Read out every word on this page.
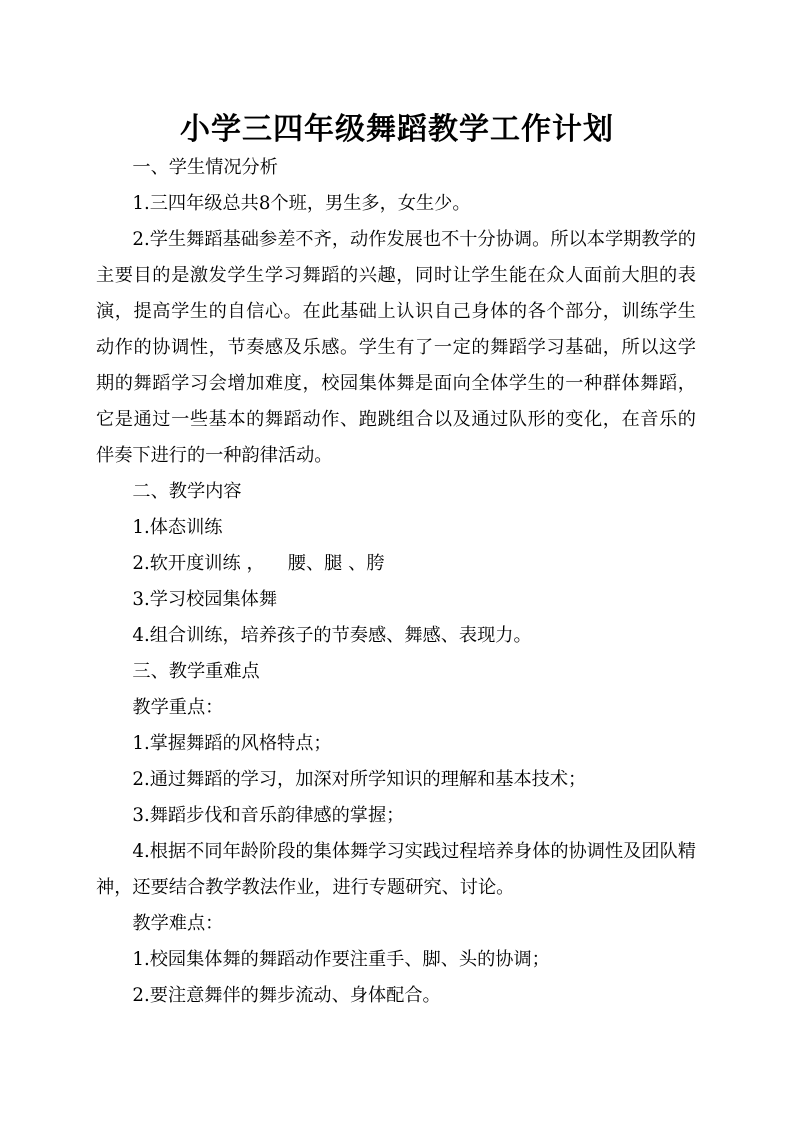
小学三四年级舞蹈教学工作计划

一、学生情况分析

1.三四年级总共8个班，男生多，女生少。

2.学生舞蹈基础参差不齐，动作发展也不十分协调。所以本学期教学的主要目的是激发学生学习舞蹈的兴趣，同时让学生能在众人面前大胆的表演，提高学生的自信心。在此基础上认识自己身体的各个部分，训练学生动作的协调性，节奏感及乐感。学生有了一定的舞蹈学习基础，所以这学期的舞蹈学习会增加难度，校园集体舞是面向全体学生的一种群体舞蹈，它是通过一些基本的舞蹈动作、跑跳组合以及通过队形的变化，在音乐的伴奏下进行的一种韵律活动。

二、教学内容

1.体态训练

2.软开度训练 ，    腰、腿 、胯

3.学习校园集体舞

4.组合训练，培养孩子的节奏感、舞感、表现力。

三、教学重难点

教学重点：

1.掌握舞蹈的风格特点；

2.通过舞蹈的学习，加深对所学知识的理解和基本技术；

3.舞蹈步伐和音乐韵律感的掌握；

4.根据不同年龄阶段的集体舞学习实践过程培养身体的协调性及团队精神，还要结合教学教法作业，进行专题研究、讨论。

教学难点：

1.校园集体舞的舞蹈动作要注重手、脚、头的协调；

2.要注意舞伴的舞步流动、身体配合。
